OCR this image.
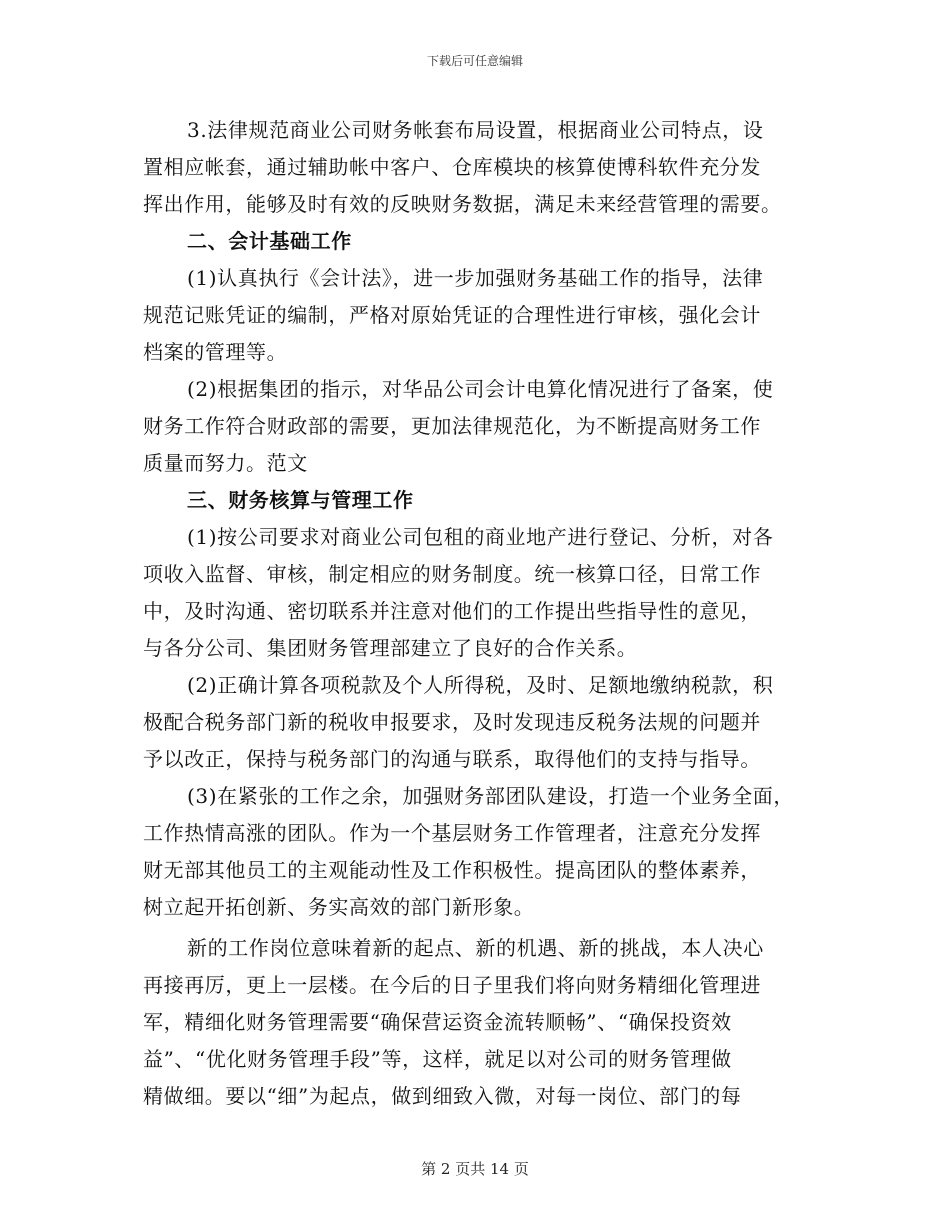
下载后可任意编辑
3.法律规范商业公司财务帐套布局设置，根据商业公司特点，设
置相应帐套，通过辅助帐中客户、仓库模块的核算使博科软件充分发
挥出作用，能够及时有效的反映财务数据，满足未来经营管理的需要。
二、会计基础工作
(1)认真执行《会计法》，进一步加强财务基础工作的指导，法律
规范记账凭证的编制，严格对原始凭证的合理性进行审核，强化会计
档案的管理等。
(2)根据集团的指示，对华品公司会计电算化情况进行了备案，使
财务工作符合财政部的需要，更加法律规范化，为不断提高财务工作
质量而努力。范文
三、财务核算与管理工作
(1)按公司要求对商业公司包租的商业地产进行登记、分析，对各
项收入监督、审核，制定相应的财务制度。统一核算口径，日常工作
中，及时沟通、密切联系并注意对他们的工作提出些指导性的意见，
与各分公司、集团财务管理部建立了良好的合作关系。
(2)正确计算各项税款及个人所得税，及时、足额地缴纳税款，积
极配合税务部门新的税收申报要求，及时发现违反税务法规的问题并
予以改正，保持与税务部门的沟通与联系，取得他们的支持与指导。
(3)在紧张的工作之余，加强财务部团队建设，打造一个业务全面，
工作热情高涨的团队。作为一个基层财务工作管理者，注意充分发挥
财无部其他员工的主观能动性及工作积极性。提高团队的整体素养，
树立起开拓创新、务实高效的部门新形象。
新的工作岗位意味着新的起点、新的机遇、新的挑战，本人决心
再接再厉，更上一层楼。在今后的日子里我们将向财务精细化管理进
军，精细化财务管理需要“确保营运资金流转顺畅”、“确保投资效
益”、“优化财务管理手段”等，这样，就足以对公司的财务管理做
精做细。要以“细”为起点，做到细致入微，对每一岗位、部门的每
第 2 页共 14 页
